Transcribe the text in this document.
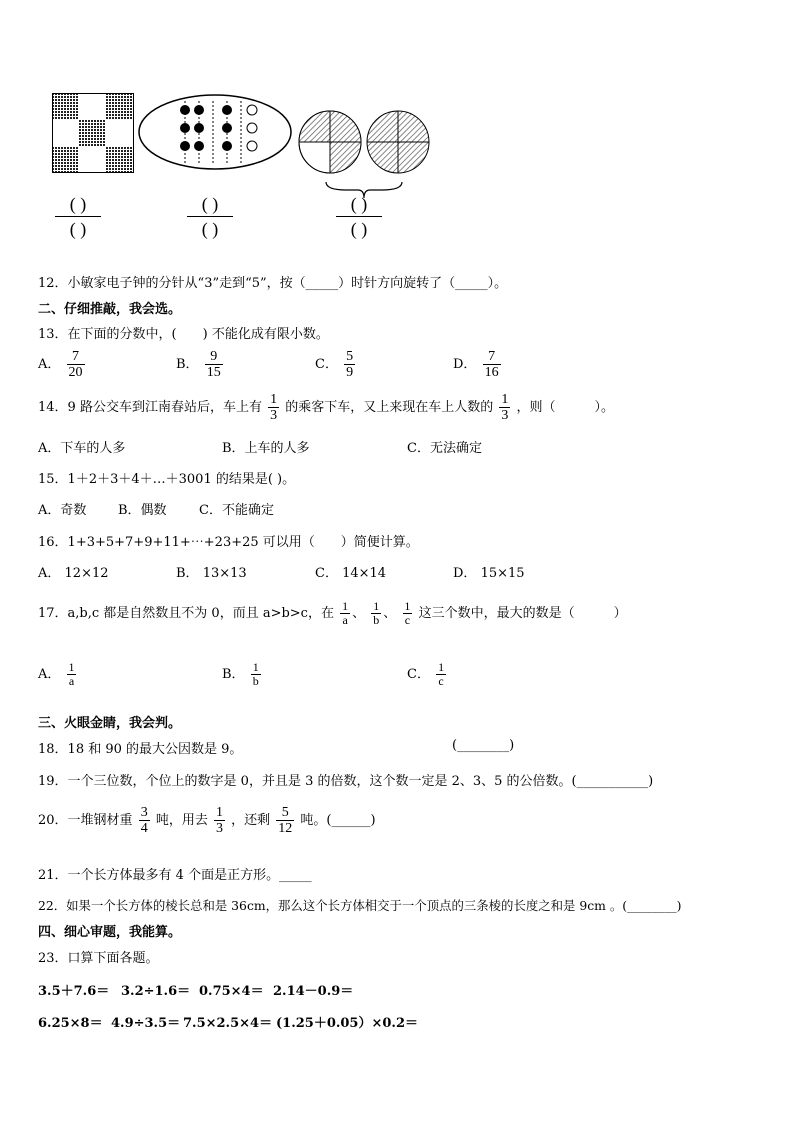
( )
( )
( )
( )
( )
( )
12．小敏家电子钟的分针从“3”走到“5”，按（_____）时针方向旋转了（_____）。
二、仔细推敲，我会选。
13．在下面的分数中，(　　) 不能化成有限小数。
A． $\frac{7}{20}$	B． $\frac{9}{15}$	C． $\frac{5}{9}$	D． $\frac{7}{16}$
14．9 路公交车到江南春站后，车上有 $\frac{1}{3}$ 的乘客下车，又上来现在车上人数的 $\frac{1}{3}$ ，则（　　　）。
A．下车的人多	B．上车的人多	C．无法确定
15．1＋2＋3＋4＋…＋3001 的结果是( )。
A．奇数 B．偶数 C．不能确定
16．1+3+5+7+9+11+⋯+23+25 可以用（　　）简便计算。
A． 12×12	B． 13×13	C． 14×14	D． 15×15
17．a,b,c 都是自然数且不为 0，而且 a>b>c，在 $\frac{1}{a}$ 、 $\frac{1}{b}$ 、 $\frac{1}{c}$ 这三个数中，最大的数是（　　　）
A． $\frac{1}{a}$	B． $\frac{1}{b}$	C． $\frac{1}{c}$
三、火眼金睛，我会判。
18．18 和 90 的最大公因数是 9。	(________)
19．一个三位数，个位上的数字是 0，并且是 3 的倍数，这个数一定是 2、3、5 的公倍数。(___________)
20．一堆钢材重 $\frac{3}{4}$ 吨，用去 $\frac{1}{3}$ ，还剩 $\frac{5}{12}$ 吨。(______)
21．一个长方体最多有 4 个面是正方形。_____
22．如果一个长方体的棱长总和是 36cm，那么这个长方体相交于一个顶点的三条棱的长度之和是 9cm 。(________)
四、细心审题，我能算。
23．口算下面各题。
3.5＋7.6＝ 3.2÷1.6＝ 0.75×4＝ 2.14－0.9＝
6.25×8＝ 4.9÷3.5＝ 7.5×2.5×4＝ (1.25＋0.05）×0.2＝
